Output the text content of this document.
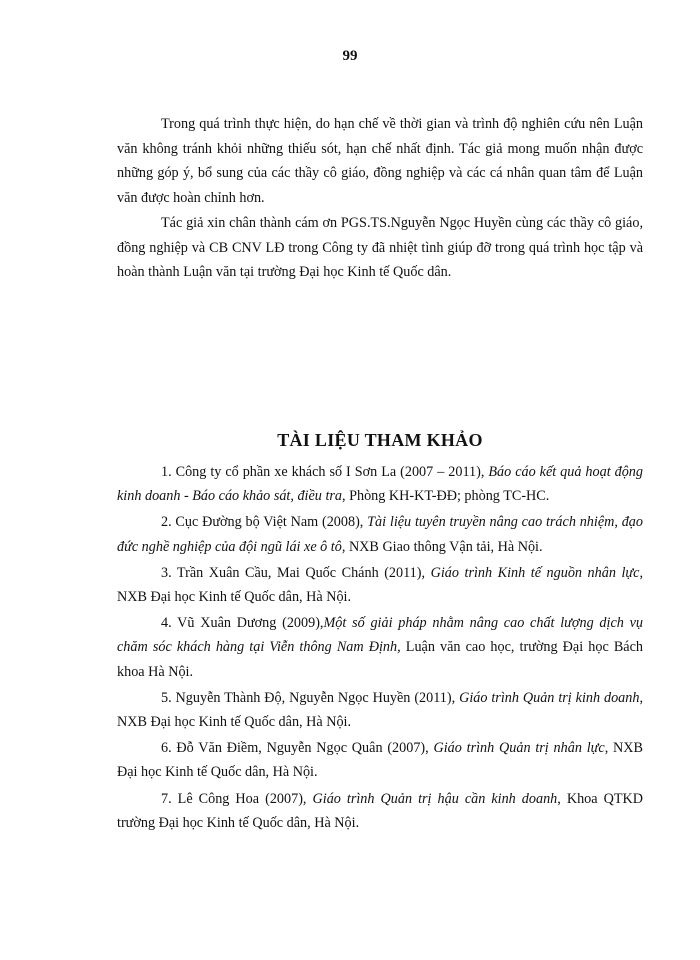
99

Trong quá trình thực hiện, do hạn chế về thời gian và trình độ nghiên cứu nên Luận văn không tránh khỏi những thiếu sót, hạn chế nhất định. Tác giả mong muốn nhận được những góp ý, bổ sung của các thầy cô giáo, đồng nghiệp và các cá nhân quan tâm để Luận văn được hoàn chỉnh hơn.

Tác giả xin chân thành cám ơn PGS.TS.Nguyễn Ngọc Huyền cùng các thầy cô giáo, đồng nghiệp và CB CNV LĐ trong Công ty đã nhiệt tình giúp đỡ trong quá trình học tập và hoàn thành Luận văn tại trường Đại học Kinh tế Quốc dân.

TÀI LIỆU THAM KHẢO

1. Công ty cổ phần xe khách số I Sơn La (2007 – 2011), Báo cáo kết quả hoạt động kinh doanh - Báo cáo khảo sát, điều tra, Phòng KH-KT-ĐĐ; phòng TC-HC.

2. Cục Đường bộ Việt Nam (2008), Tài liệu tuyên truyền nâng cao trách nhiệm, đạo đức nghề nghiệp của đội ngũ lái xe ô tô, NXB Giao thông Vận tải, Hà Nội.

3. Trần Xuân Cầu, Mai Quốc Chánh (2011), Giáo trình Kinh tế nguồn nhân lực, NXB Đại học Kinh tế Quốc dân, Hà Nội.

4. Vũ Xuân Dương (2009),Một số giải pháp nhằm nâng cao chất lượng dịch vụ chăm sóc khách hàng tại Viễn thông Nam Định, Luận văn cao học, trường Đại học Bách khoa Hà Nội.

5. Nguyễn Thành Độ, Nguyễn Ngọc Huyền (2011), Giáo trình Quản trị kinh doanh, NXB Đại học Kinh tế Quốc dân, Hà Nội.

6. Đỗ Văn Điềm, Nguyễn Ngọc Quân (2007), Giáo trình Quản trị nhân lực, NXB Đại học Kinh tế Quốc dân, Hà Nội.

7. Lê Công Hoa (2007), Giáo trình Quản trị hậu cần kinh doanh, Khoa QTKD trường Đại học Kinh tế Quốc dân, Hà Nội.
